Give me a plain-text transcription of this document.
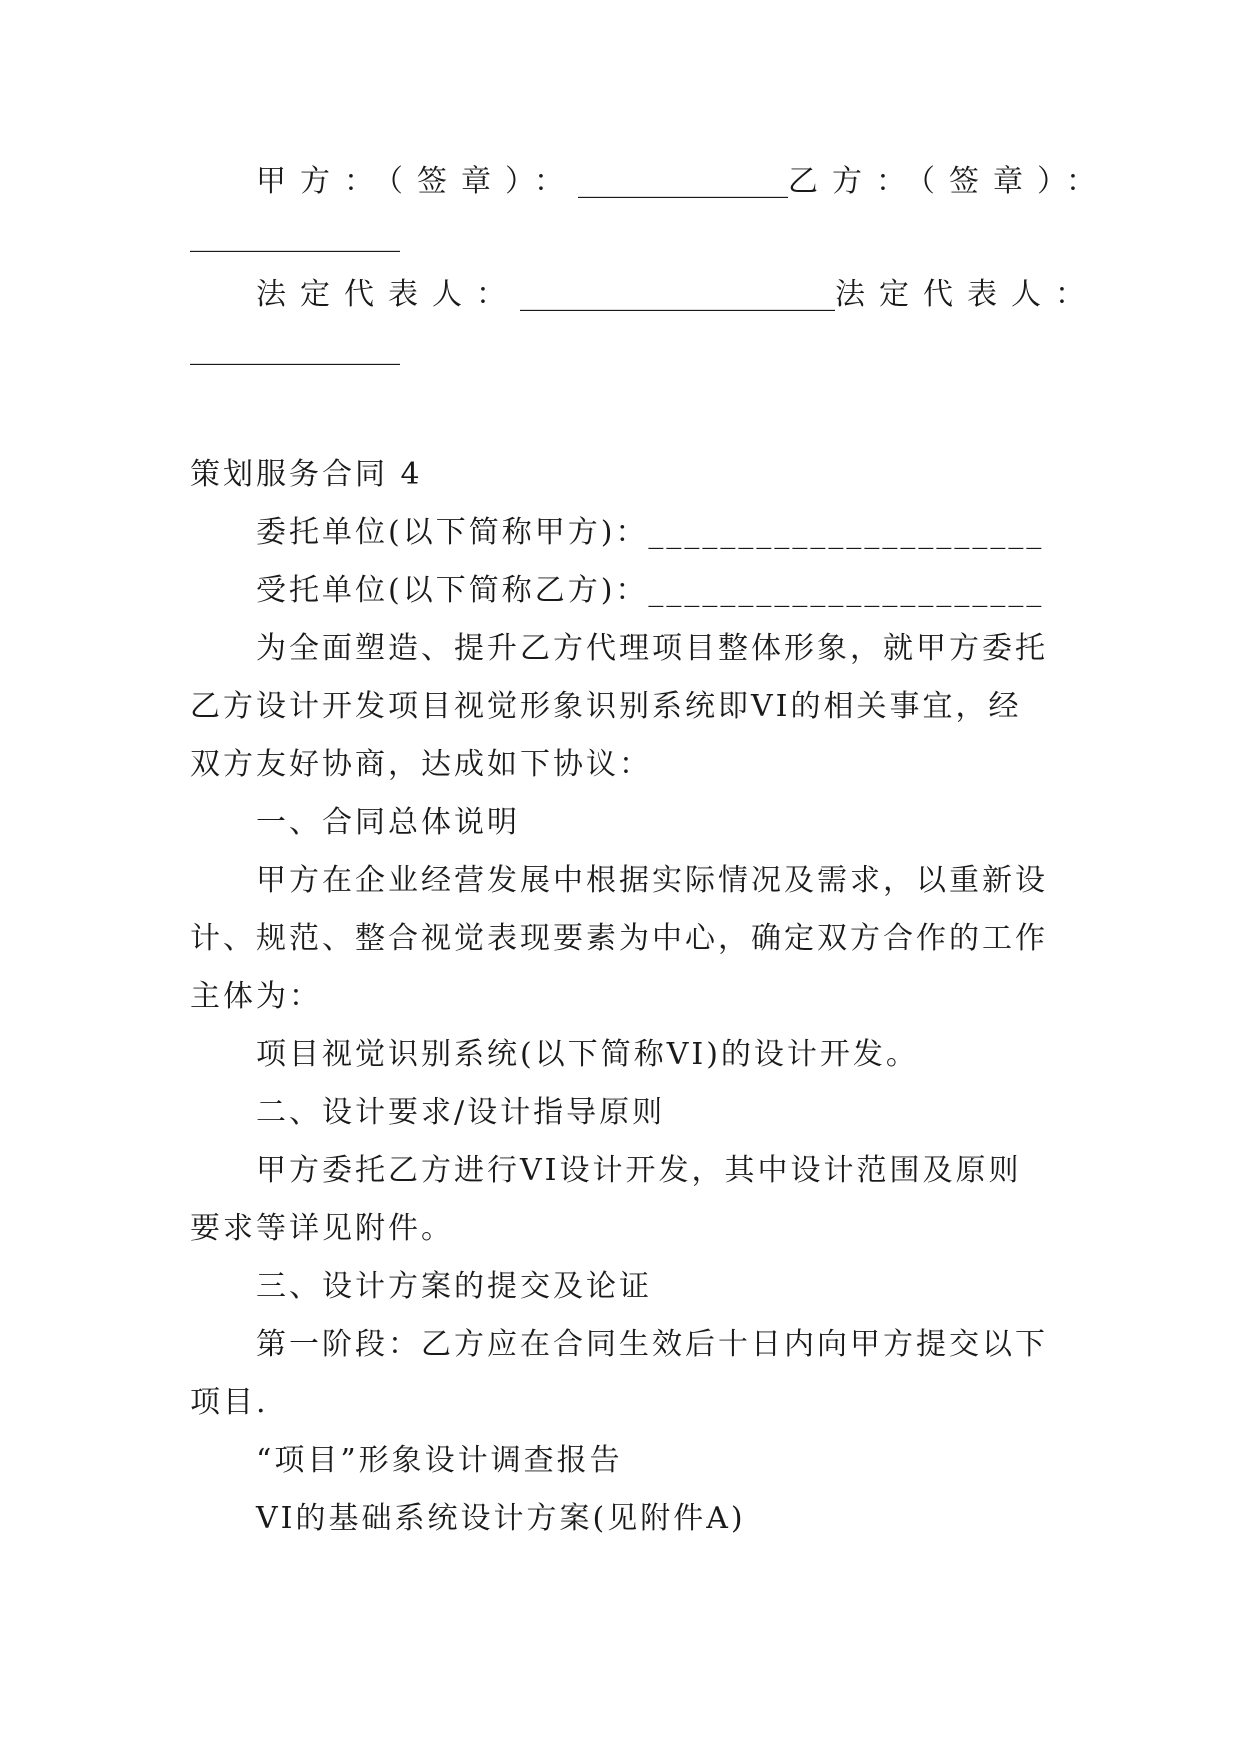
甲方：（签章）：______________乙方：（签章）：
______________
法定代表人：_____________________法定代表人：
______________
策划服务合同 4
委托单位(以下简称甲方)：______________________
受托单位(以下简称乙方)：______________________
为全面塑造、提升乙方代理项目整体形象，就甲方委托
乙方设计开发项目视觉形象识别系统即VI的相关事宜，经
双方友好协商，达成如下协议：
一、合同总体说明
甲方在企业经营发展中根据实际情况及需求，以重新设
计、规范、整合视觉表现要素为中心，确定双方合作的工作
主体为：
项目视觉识别系统(以下简称VI)的设计开发。
二、设计要求/设计指导原则
甲方委托乙方进行VI设计开发，其中设计范围及原则
要求等详见附件。
三、设计方案的提交及论证
第一阶段：乙方应在合同生效后十日内向甲方提交以下
项目.
“项目”形象设计调查报告
VI的基础系统设计方案(见附件A)
